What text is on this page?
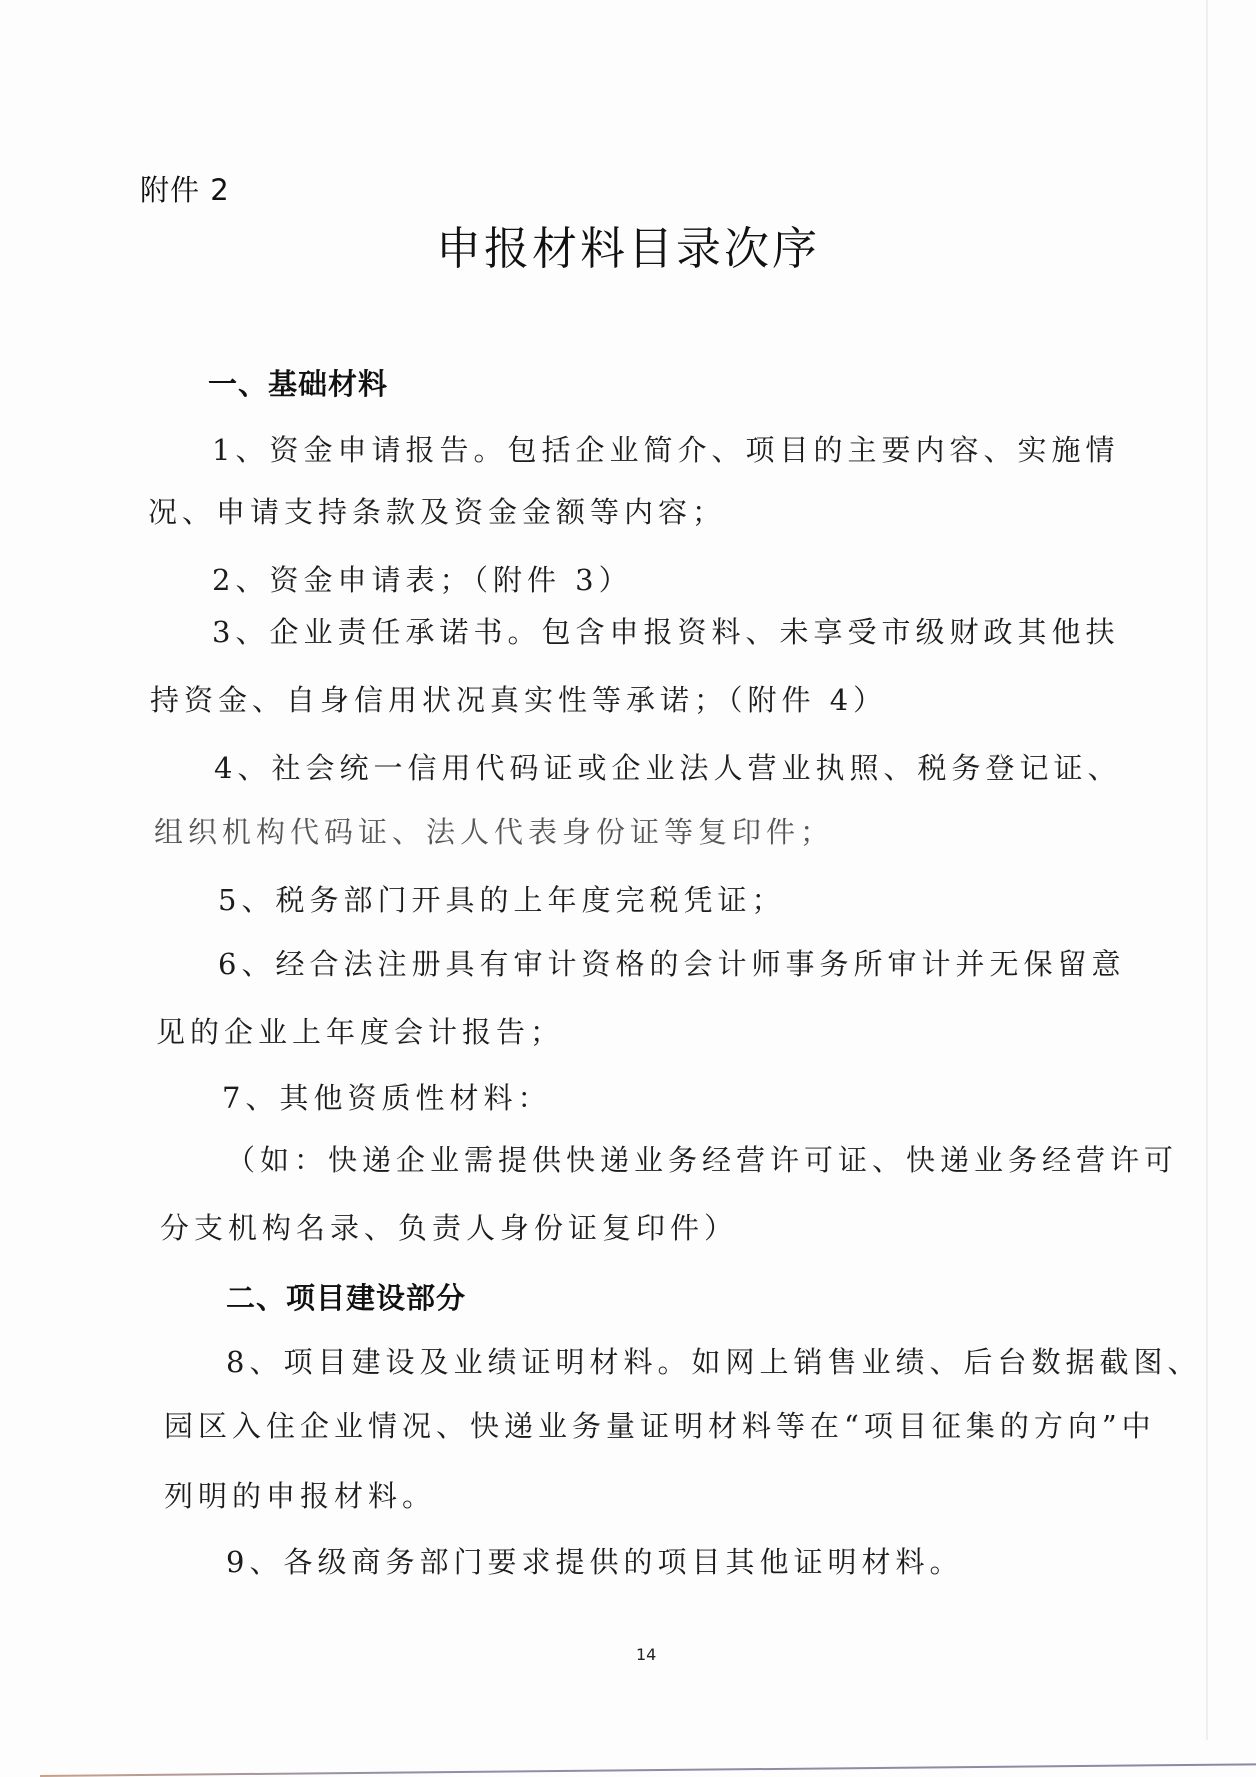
附件 2
申报材料目录次序
一、基础材料
1、资金申请报告。包括企业简介、项目的主要内容、实施情
况、申请支持条款及资金金额等内容；
2、资金申请表；（附件 3）
3、企业责任承诺书。包含申报资料、未享受市级财政其他扶
持资金、自身信用状况真实性等承诺；（附件 4）
4、社会统一信用代码证或企业法人营业执照、税务登记证、
组织机构代码证、法人代表身份证等复印件；
5、税务部门开具的上年度完税凭证；
6、经合法注册具有审计资格的会计师事务所审计并无保留意
见的企业上年度会计报告；
7、其他资质性材料：
（如：快递企业需提供快递业务经营许可证、快递业务经营许可
分支机构名录、负责人身份证复印件）
二、项目建设部分
8、项目建设及业绩证明材料。如网上销售业绩、后台数据截图、
园区入住企业情况、快递业务量证明材料等在“项目征集的方向”中
列明的申报材料。
9、各级商务部门要求提供的项目其他证明材料。
14
